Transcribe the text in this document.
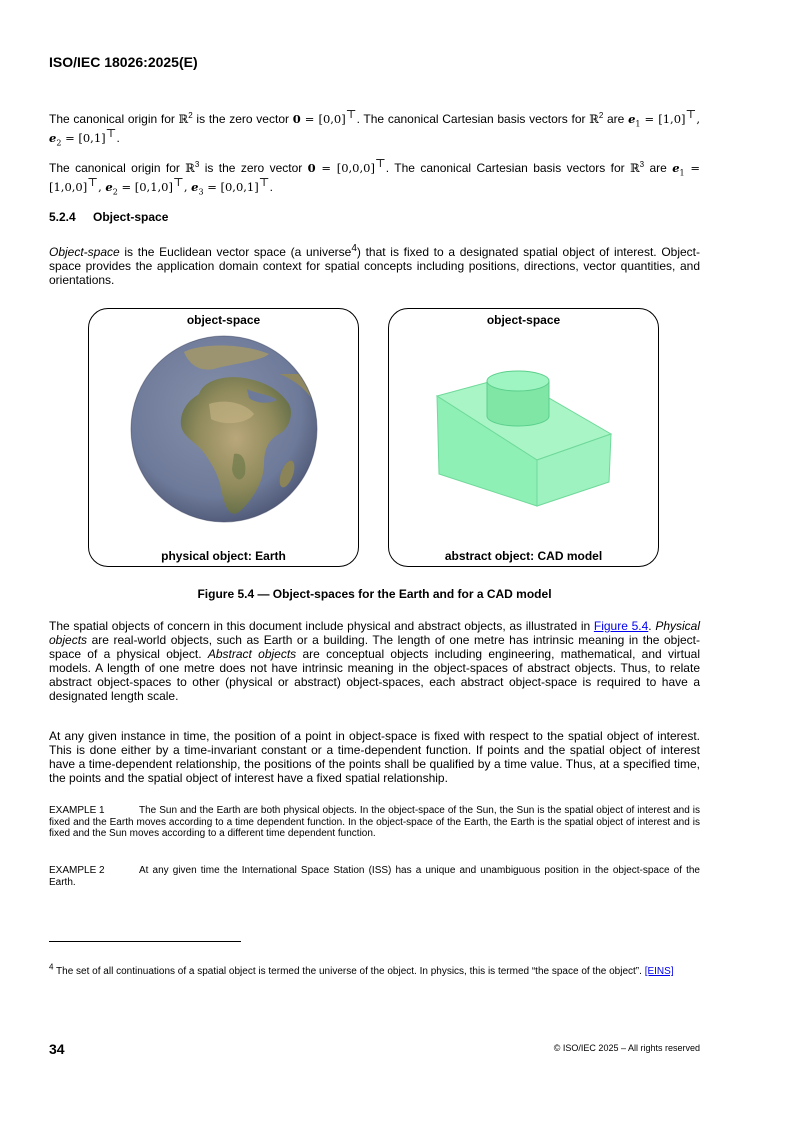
ISO/IEC 18026:2025(E)
The canonical origin for ℝ$^2$ is the zero vector 0 = [0,0]⊤. The canonical Cartesian basis vectors for ℝ$^2$ are $e_1 = [1,0]^⊤$, $e_2 = [0,1]^⊤$.
The canonical origin for ℝ$^3$ is the zero vector 0 = [0,0,0]⊤. The canonical Cartesian basis vectors for ℝ$^3$ are $e_1 = [1,0,0]^⊤$, $e_2 = [0,1,0]^⊤$, $e_3 = [0,0,1]^⊤$.
5.2.4 Object-space
Object-space is the Euclidean vector space (a universe$^4$) that is fixed to a designated spatial object of interest. Object-space provides the application domain context for spatial concepts including positions, directions, vector quantities, and orientations.
object-space
physical object: Earth
object-space
abstract object: CAD model
Figure 5.4 — Object-spaces for the Earth and for a CAD model
The spatial objects of concern in this document include physical and abstract objects, as illustrated in Figure 5.4. Physical objects are real-world objects, such as Earth or a building. The length of one metre has intrinsic meaning in the object-space of a physical object. Abstract objects are conceptual objects including engineering, mathematical, and virtual models. A length of one metre does not have intrinsic meaning in the object-spaces of abstract objects. Thus, to relate abstract object-spaces to other (physical or abstract) object-spaces, each abstract object-space is required to have a designated length scale.
At any given instance in time, the position of a point in object-space is fixed with respect to the spatial object of interest. This is done either by a time-invariant constant or a time-dependent function. If points and the spatial object of interest have a time-dependent relationship, the positions of the points shall be qualified by a time value. Thus, at a specified time, the points and the spatial object of interest have a fixed spatial relationship.
EXAMPLE 1	The Sun and the Earth are both physical objects. In the object-space of the Sun, the Sun is the spatial object of interest and is fixed and the Earth moves according to a time dependent function. In the object-space of the Earth, the Earth is the spatial object of interest and is fixed and the Sun moves according to a different time dependent function.
EXAMPLE 2	At any given time the International Space Station (ISS) has a unique and unambiguous position in the object-space of the Earth.
$^4$ The set of all continuations of a spatial object is termed the universe of the object. In physics, this is termed “the space of the object”. [EINS]
34	© ISO/IEC 2025 – All rights reserved
